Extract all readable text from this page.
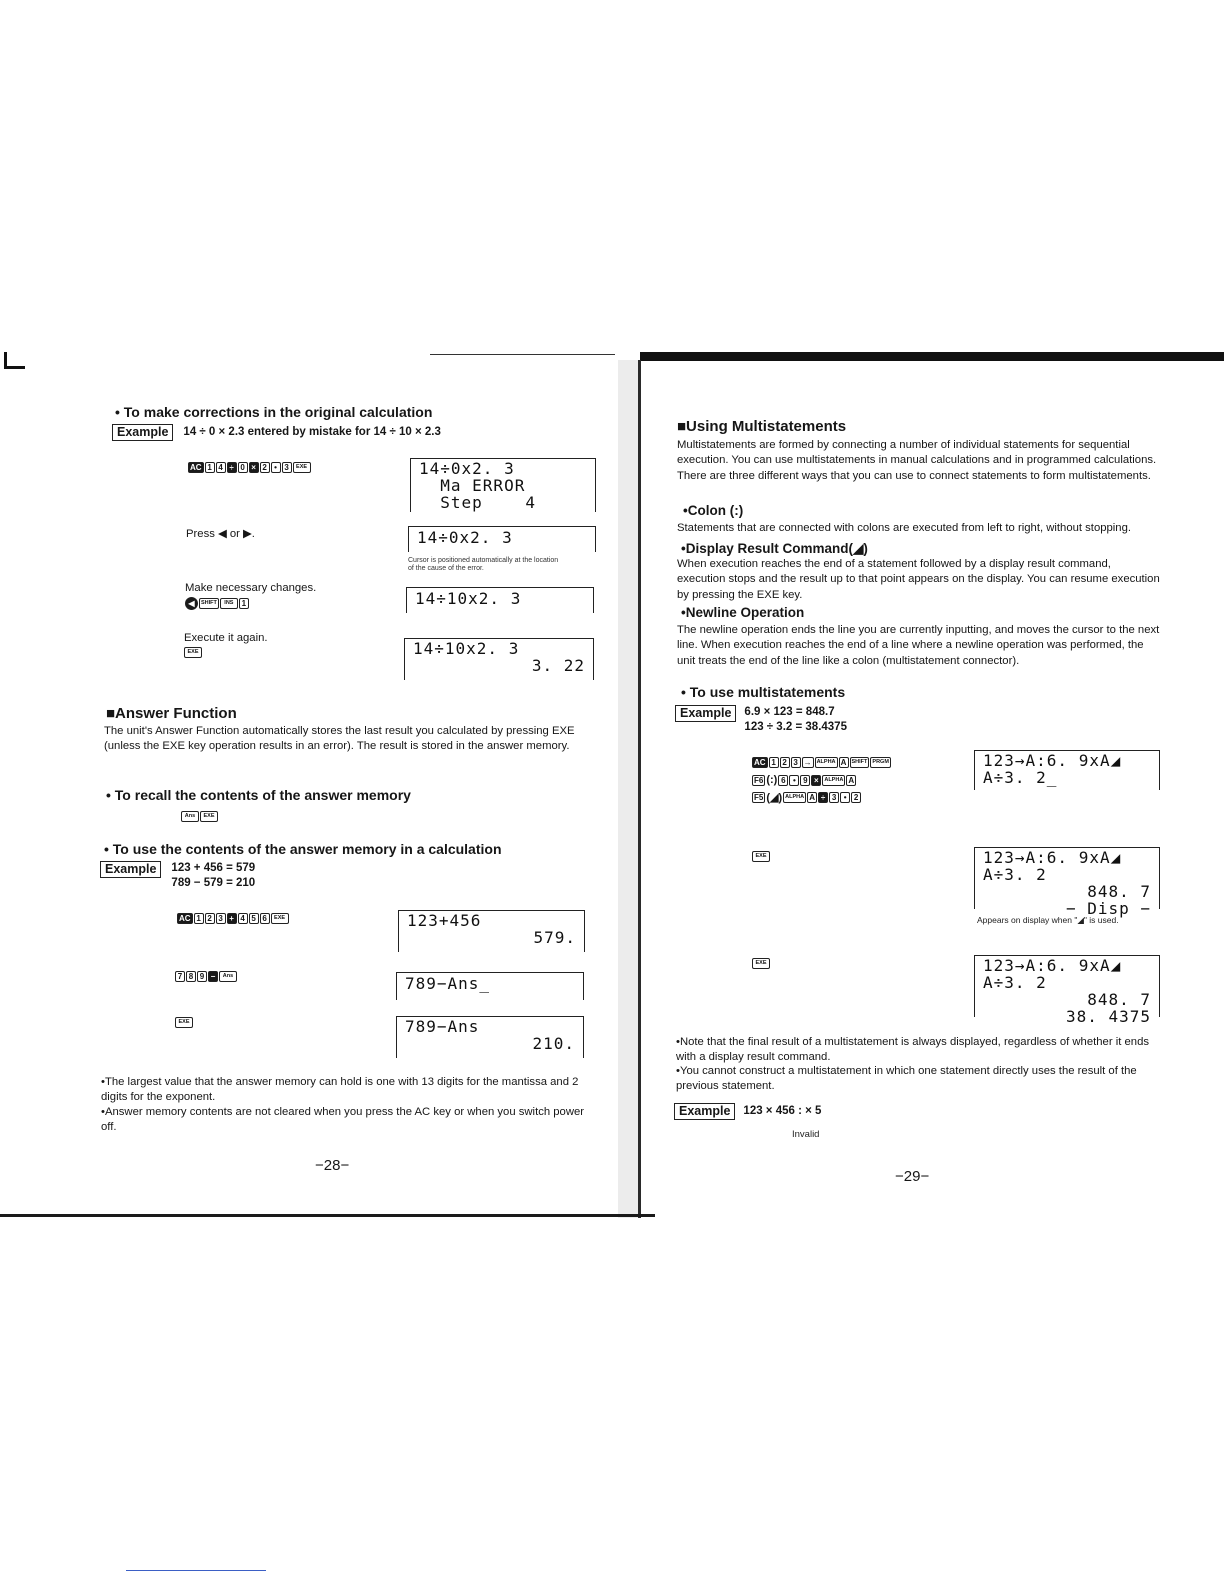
• To make corrections in the original calculation
Example	14 ÷ 0 × 2.3 entered by mistake for 14 ÷ 10 × 2.3
AC 1 4 ÷ 0 × 2 • 3	EXE	14÷0x2. 3
Ma ERROR
Step    4
Press ◀ or ▶.	14÷0x2. 3
Cursor is positioned automatically at the location
of the cause of the error.
Make necessary changes.
◀	SHIFT	INS	1	14÷10x2. 3
Execute it again.
EXE	14÷10x2. 3
3. 22
■Answer Function
The unit's Answer Function automatically stores the last result you calculated by pressing EXE (unless the EXE key operation results in an error). The result is stored in the answer memory.
• To recall the contents of the answer memory
Ans	EXE
• To use the contents of the answer memory in a calculation
Example	123 + 456 = 579
789 − 579 = 210
AC 1 2 3 + 4 5 6	EXE	123+456
579.
7 8 9 −	Ans	789−Ans_
EXE	789−Ans
210.
•The largest value that the answer memory can hold is one with 13 digits for the mantissa and 2 digits for the exponent.
•Answer memory contents are not cleared when you press the AC key or when you switch power off.
−28−
■Using Multistatements
Multistatements are formed by connecting a number of individual statements for sequential execution. You can use multistatements in manual calculations and in programmed calculations. There are three different ways that you can use to connect statements to form multistatements.
•Colon (:)
Statements that are connected with colons are executed from left to right, without stopping.
•Display Result Command(◢)
When execution reaches the end of a statement followed by a display result command, execution stops and the result up to that point appears on the display. You can resume execution by pressing the EXE key.
•Newline Operation
The newline operation ends the line you are currently inputting, and moves the cursor to the next line. When execution reaches the end of a line where a newline operation was performed, the unit treats the end of the line like a colon (multistatement connector).
• To use multistatements
Example	6.9 × 123 = 848.7
123 ÷ 3.2 = 38.4375
AC 1 2 3 → ALPHA A SHIFT PRGM
F6 (:) 6 • 9 ×	ALPHA A
F5 (◢) ALPHA A ÷ 3 • 2
123→A:6. 9xA◢
A÷3. 2_
EXE	123→A:6. 9xA◢
A÷3. 2
848. 7
− Disp −
Appears on display when "◢" is used.
EXE	123→A:6. 9xA◢
A÷3. 2
848. 7
38. 4375
•Note that the final result of a multistatement is always displayed, regardless of whether it ends with a display result command.
•You cannot construct a multistatement in which one statement directly uses the result of the previous statement.
Example	123 × 456 : × 5
Invalid
−29−
